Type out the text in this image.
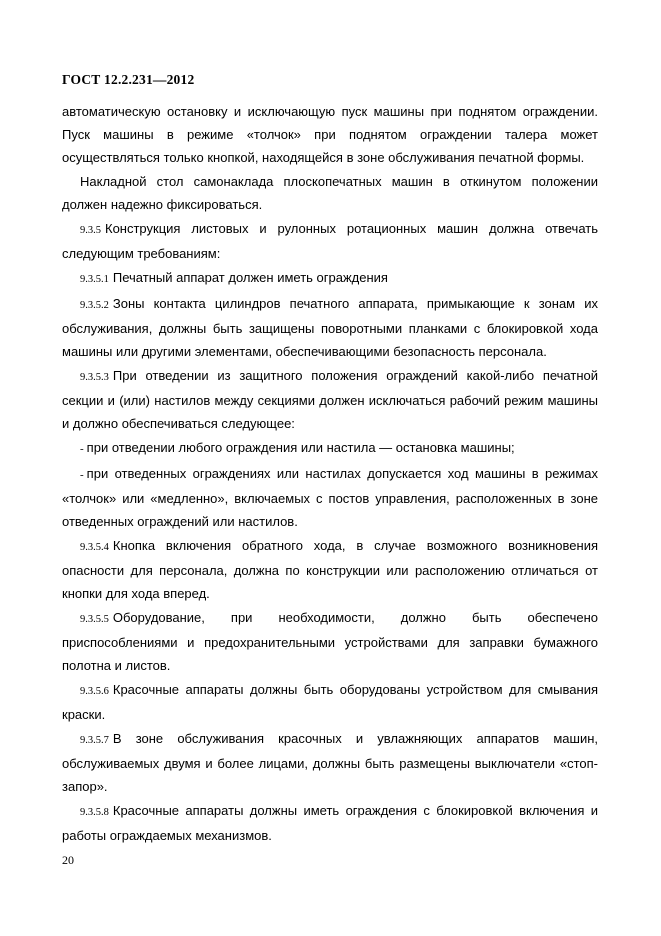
ГОСТ 12.2.231—2012

автоматическую остановку и исключающую пуск машины при поднятом ограждении. Пуск машины в режиме «толчок» при поднятом ограждении талера может осуществляться только кнопкой, находящейся в зоне обслуживания печатной формы.

Накладной стол самонаклада плоскопечатных машин в откинутом положении должен надежно фиксироваться.

9.3.5 Конструкция листовых и рулонных ротационных машин должна отвечать следующим требованиям:

9.3.5.1 Печатный аппарат должен иметь ограждения

9.3.5.2 Зоны контакта цилиндров печатного аппарата, примыкающие к зонам их обслуживания, должны быть защищены поворотными планками с блокировкой хода машины или другими элементами, обеспечивающими безопасность персонала.

9.3.5.3 При отведении из защитного положения ограждений какой-либо печатной секции и (или) настилов между секциями должен исключаться рабочий режим машины и должно обеспечиваться следующее:

- при отведении любого ограждения или настила — остановка машины;

- при отведенных ограждениях или настилах допускается ход машины в режимах «толчок» или «медленно», включаемых с постов управления, расположенных в зоне отведенных ограждений или настилов.

9.3.5.4 Кнопка включения обратного хода, в случае возможного возникновения опасности для персонала, должна по конструкции или расположению отличаться от кнопки для хода вперед.

9.3.5.5 Оборудование, при необходимости, должно быть обеспечено приспособлениями и предохранительными устройствами для заправки бумажного полотна и листов.

9.3.5.6 Красочные аппараты должны быть оборудованы устройством для смывания краски.

9.3.5.7 В зоне обслуживания красочных и увлажняющих аппаратов машин, обслуживаемых двумя и более лицами, должны быть размещены выключатели «стоп-запор».

9.3.5.8 Красочные аппараты должны иметь ограждения с блокировкой включения и работы ограждаемых механизмов.

20
